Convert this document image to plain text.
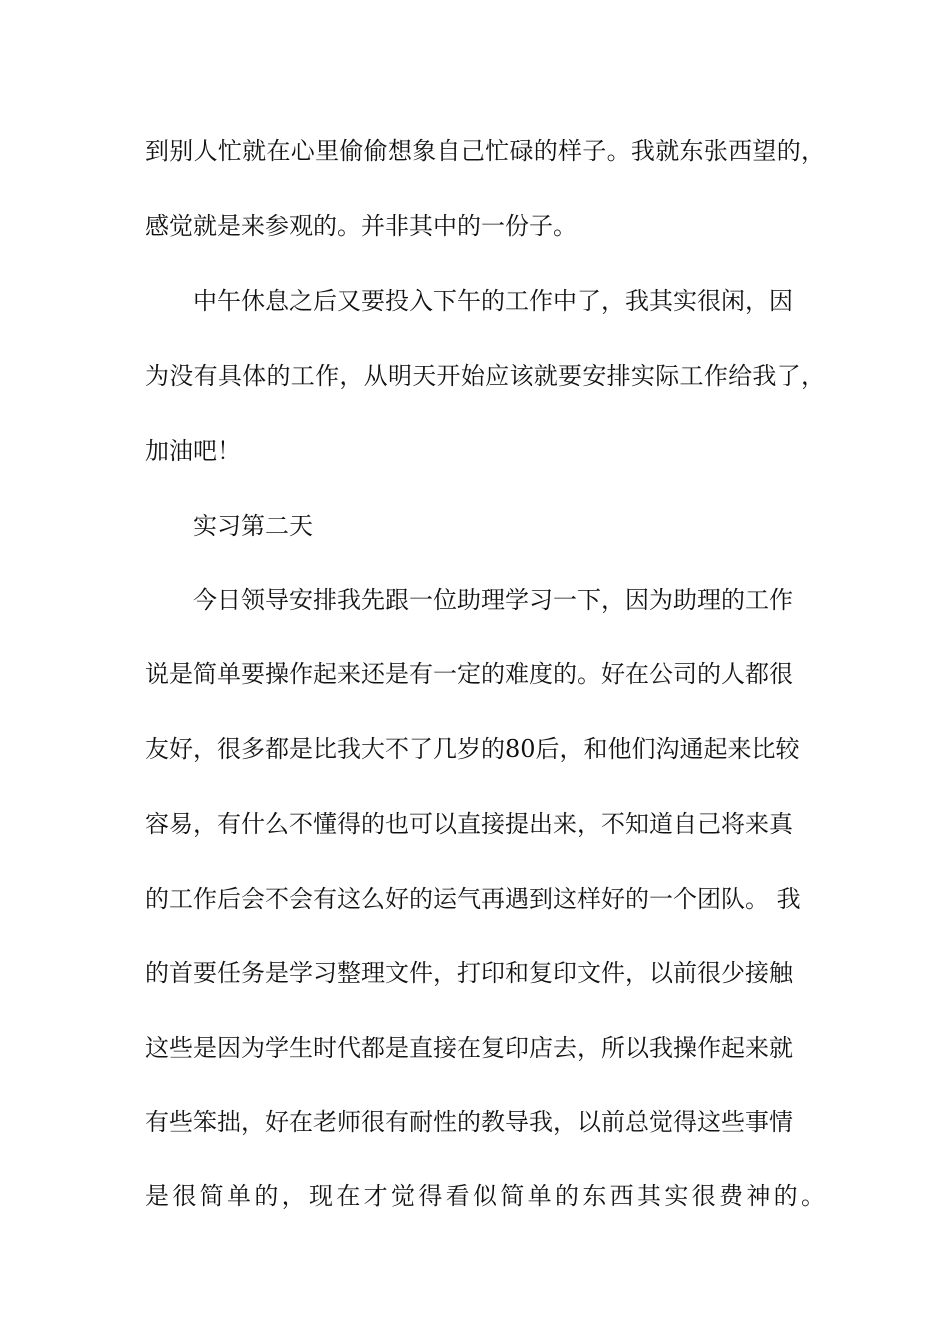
到别人忙就在心里偷偷想象自己忙碌的样子。我就东张西望的，
感觉就是来参观的。并非其中的一份子。
中午休息之后又要投入下午的工作中了，我其实很闲，因
为没有具体的工作，从明天开始应该就要安排实际工作给我了，
加油吧！
实习第二天
今日领导安排我先跟一位助理学习一下，因为助理的工作
说是简单要操作起来还是有一定的难度的。好在公司的人都很
友好，很多都是比我大不了几岁的80后，和他们沟通起来比较
容易，有什么不懂得的也可以直接提出来，不知道自己将来真
的工作后会不会有这么好的运气再遇到这样好的一个团队。 我
的首要任务是学习整理文件，打印和复印文件，以前很少接触
这些是因为学生时代都是直接在复印店去，所以我操作起来就
有些笨拙，好在老师很有耐性的教导我，以前总觉得这些事情
是很简单的，现在才觉得看似简单的东西其实很费神的。
